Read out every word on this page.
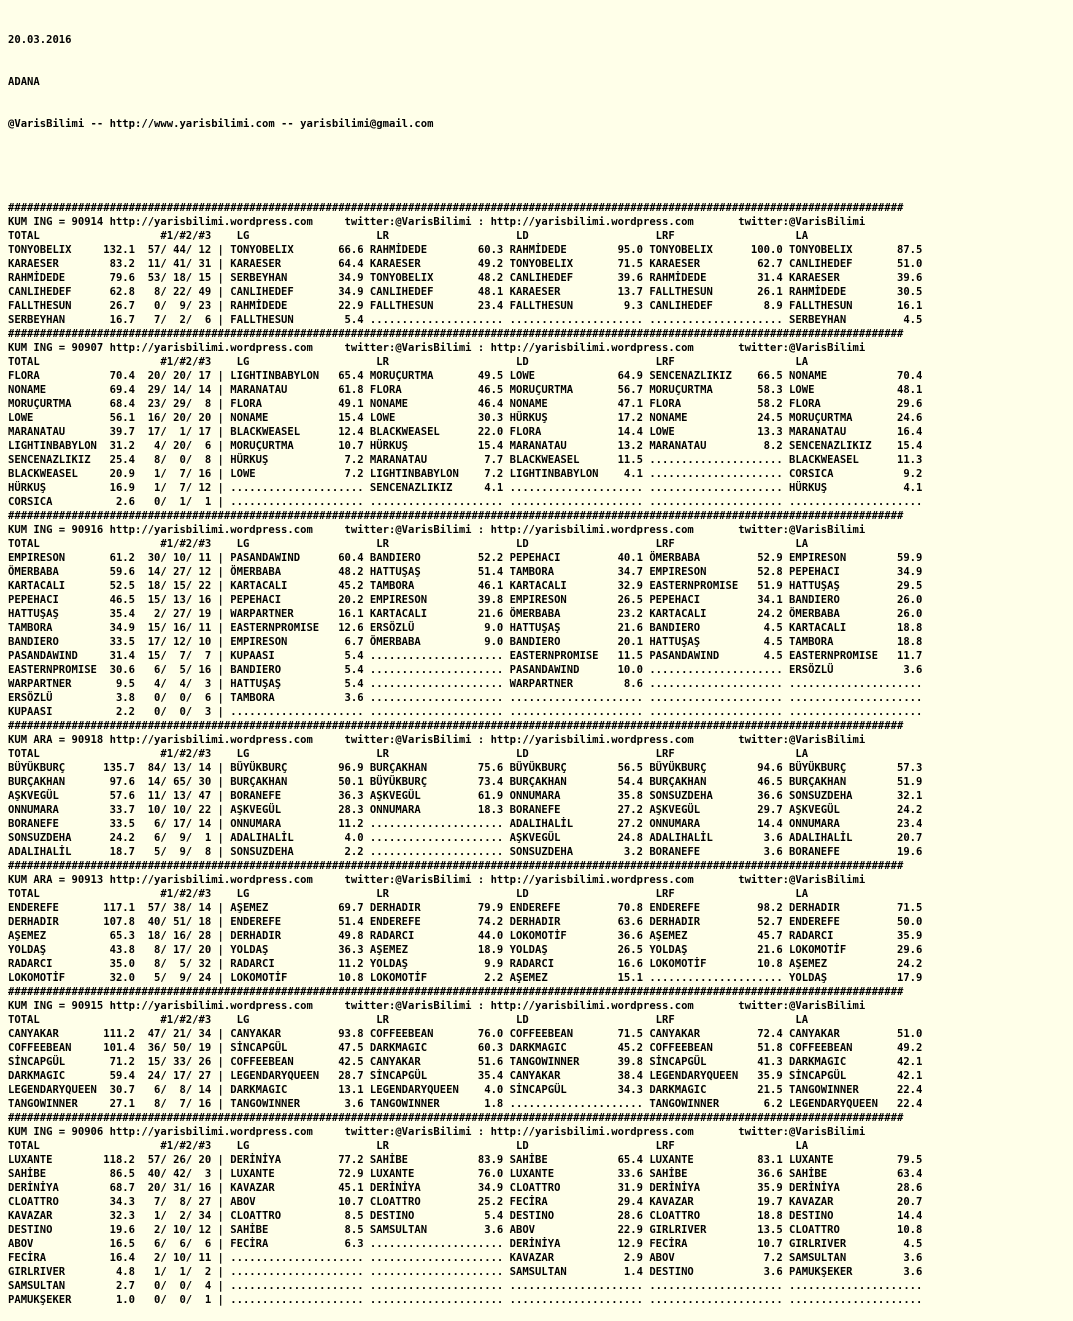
20.03.2016

ADANA

@VarisBilimi -- http://www.yarisbilimi.com -- yarisbilimi@gmail.com

#############################################################################################################################################
KUM ING = 90914 http://yarisbilimi.wordpress.com     twitter:@VarisBilimi : http://yarisbilimi.wordpress.com       twitter:@VarisBilimi
TOTAL                   #1/#2/#3    LG                    LR                    LD                    LRF                   LA
TONYOBELIX     132.1  57/ 44/ 12 | TONYOBELIX       66.6 RAHMİDEDE        60.3 RAHMİDEDE        95.0 TONYOBELIX      100.0 TONYOBELIX       87.5
KARAESER        83.2  11/ 41/ 31 | KARAESER         64.4 KARAESER         49.2 TONYOBELIX       71.5 KARAESER         62.7 CANLIHEDEF       51.0
RAHMİDEDE       79.6  53/ 18/ 15 | SERBEYHAN        34.9 TONYOBELIX       48.2 CANLIHEDEF       39.6 RAHMİDEDE        31.4 KARAESER         39.6
CANLIHEDEF      62.8   8/ 22/ 49 | CANLIHEDEF       34.9 CANLIHEDEF       48.1 KARAESER         13.7 FALLTHESUN       26.1 RAHMİDEDE        30.5
FALLTHESUN      26.7   0/  9/ 23 | RAHMİDEDE        22.9 FALLTHESUN       23.4 FALLTHESUN        9.3 CANLIHEDEF        8.9 FALLTHESUN       16.1
SERBEYHAN       16.7   7/  2/  6 | FALLTHESUN        5.4 ..................... ..................... ..................... SERBEYHAN         4.5
#############################################################################################################################################
KUM ING = 90907 http://yarisbilimi.wordpress.com     twitter:@VarisBilimi : http://yarisbilimi.wordpress.com       twitter:@VarisBilimi
TOTAL                   #1/#2/#3    LG                    LR                    LD                    LRF                   LA
FLORA           70.4  20/ 20/ 17 | LIGHTINBABYLON   65.4 MORUÇURTMA       49.5 LOWE             64.9 SENCENAZLIKIZ    66.5 NONAME           70.4
NONAME          69.4  29/ 14/ 14 | MARANATAU        61.8 FLORA            46.5 MORUÇURTMA       56.7 MORUÇURTMA       58.3 LOWE             48.1
MORUÇURTMA      68.4  23/ 29/  8 | FLORA            49.1 NONAME           46.4 NONAME           47.1 FLORA            58.2 FLORA            29.6
LOWE            56.1  16/ 20/ 20 | NONAME           15.4 LOWE             30.3 HÜRKUŞ           17.2 NONAME           24.5 MORUÇURTMA       24.6
MARANATAU       39.7  17/  1/ 17 | BLACKWEASEL      12.4 BLACKWEASEL      22.0 FLORA            14.4 LOWE             13.3 MARANATAU        16.4
LIGHTINBABYLON  31.2   4/ 20/  6 | MORUÇURTMA       10.7 HÜRKUŞ           15.4 MARANATAU        13.2 MARANATAU         8.2 SENCENAZLIKIZ    15.4
SENCENAZLIKIZ   25.4   8/  0/  8 | HÜRKUŞ            7.2 MARANATAU         7.7 BLACKWEASEL      11.5 ..................... BLACKWEASEL      11.3
BLACKWEASEL     20.9   1/  7/ 16 | LOWE              7.2 LIGHTINBABYLON    7.2 LIGHTINBABYLON    4.1 ..................... CORSICA           9.2
HÜRKUŞ          16.9   1/  7/ 12 | ..................... SENCENAZLIKIZ     4.1 ..................... ..................... HÜRKUŞ            4.1
CORSICA          2.6   0/  1/  1 | ..................... ..................... ..................... ..................... .....................
#############################################################################################################################################
KUM ING = 90916 http://yarisbilimi.wordpress.com     twitter:@VarisBilimi : http://yarisbilimi.wordpress.com       twitter:@VarisBilimi
TOTAL                   #1/#2/#3    LG                    LR                    LD                    LRF                   LA
EMPIRESON       61.2  30/ 10/ 11 | PASANDAWIND      60.4 BANDIERO         52.2 PEPEHACI         40.1 ÖMERBABA         52.9 EMPIRESON        59.9
ÖMERBABA        59.6  14/ 27/ 12 | ÖMERBABA         48.2 HATTUŞAŞ         51.4 TAMBORA          34.7 EMPIRESON        52.8 PEPEHACI         34.9
KARTACALI       52.5  18/ 15/ 22 | KARTACALI        45.2 TAMBORA          46.1 KARTACALI        32.9 EASTERNPROMISE   51.9 HATTUŞAŞ         29.5
PEPEHACI        46.5  15/ 13/ 16 | PEPEHACI         20.2 EMPIRESON        39.8 EMPIRESON        26.5 PEPEHACI         34.1 BANDIERO         26.0
HATTUŞAŞ        35.4   2/ 27/ 19 | WARPARTNER       16.1 KARTACALI        21.6 ÖMERBABA         23.2 KARTACALI        24.2 ÖMERBABA         26.0
TAMBORA         34.9  15/ 16/ 11 | EASTERNPROMISE   12.6 ERSÖZLÜ           9.0 HATTUŞAŞ         21.6 BANDIERO          4.5 KARTACALI        18.8
BANDIERO        33.5  17/ 12/ 10 | EMPIRESON         6.7 ÖMERBABA          9.0 BANDIERO         20.1 HATTUŞAŞ          4.5 TAMBORA          18.8
PASANDAWIND     31.4  15/  7/  7 | KUPAASI           5.4 ..................... EASTERNPROMISE   11.5 PASANDAWIND       4.5 EASTERNPROMISE   11.7
EASTERNPROMISE  30.6   6/  5/ 16 | BANDIERO          5.4 ..................... PASANDAWIND      10.0 ..................... ERSÖZLÜ           3.6
WARPARTNER       9.5   4/  4/  3 | HATTUŞAŞ          5.4 ..................... WARPARTNER        8.6 ..................... .....................
ERSÖZLÜ          3.8   0/  0/  6 | TAMBORA           3.6 ..................... ..................... ..................... .....................
KUPAASI          2.2   0/  0/  3 | ..................... ..................... ..................... ..................... .....................
#############################################################################################################################################
KUM ARA = 90918 http://yarisbilimi.wordpress.com     twitter:@VarisBilimi : http://yarisbilimi.wordpress.com       twitter:@VarisBilimi
TOTAL                   #1/#2/#3    LG                    LR                    LD                    LRF                   LA
BÜYÜKBURÇ      135.7  84/ 13/ 14 | BÜYÜKBURÇ        96.9 BURÇAKHAN        75.6 BÜYÜKBURÇ        56.5 BÜYÜKBURÇ        94.6 BÜYÜKBURÇ        57.3
BURÇAKHAN       97.6  14/ 65/ 30 | BURÇAKHAN        50.1 BÜYÜKBURÇ        73.4 BURÇAKHAN        54.4 BURÇAKHAN        46.5 BURÇAKHAN        51.9
AŞKVEGÜL        57.6  11/ 13/ 47 | BORANEFE         36.3 AŞKVEGÜL         61.9 ONNUMARA         35.8 SONSUZDEHA       36.6 SONSUZDEHA       32.1
ONNUMARA        33.7  10/ 10/ 22 | AŞKVEGÜL         28.3 ONNUMARA         18.3 BORANEFE         27.2 AŞKVEGÜL         29.7 AŞKVEGÜL         24.2
BORANEFE        33.5   6/ 17/ 14 | ONNUMARA         11.2 ..................... ADALIHALİL       27.2 ONNUMARA         14.4 ONNUMARA         23.4
SONSUZDEHA      24.2   6/  9/  1 | ADALIHALİL        4.0 ..................... AŞKVEGÜL         24.8 ADALIHALİL        3.6 ADALIHALİL       20.7
ADALIHALİL      18.7   5/  9/  8 | SONSUZDEHA        2.2 ..................... SONSUZDEHA        3.2 BORANEFE          3.6 BORANEFE         19.6
#############################################################################################################################################
KUM ARA = 90913 http://yarisbilimi.wordpress.com     twitter:@VarisBilimi : http://yarisbilimi.wordpress.com       twitter:@VarisBilimi
TOTAL                   #1/#2/#3    LG                    LR                    LD                    LRF                   LA
ENDEREFE       117.1  57/ 38/ 14 | AŞEMEZ           69.7 DERHADIR         79.9 ENDEREFE         70.8 ENDEREFE         98.2 DERHADIR         71.5
DERHADIR       107.8  40/ 51/ 18 | ENDEREFE         51.4 ENDEREFE         74.2 DERHADIR         63.6 DERHADIR         52.7 ENDEREFE         50.0
AŞEMEZ          65.3  18/ 16/ 28 | DERHADIR         49.8 RADARCI          44.0 LOKOMOTİF        36.6 AŞEMEZ           45.7 RADARCI          35.9
YOLDAŞ          43.8   8/ 17/ 20 | YOLDAŞ           36.3 AŞEMEZ           18.9 YOLDAŞ           26.5 YOLDAŞ           21.6 LOKOMOTİF        29.6
RADARCI         35.0   8/  5/ 32 | RADARCI          11.2 YOLDAŞ            9.9 RADARCI          16.6 LOKOMOTİF        10.8 AŞEMEZ           24.2
LOKOMOTİF       32.0   5/  9/ 24 | LOKOMOTİF        10.8 LOKOMOTİF         2.2 AŞEMEZ           15.1 ..................... YOLDAŞ           17.9
#############################################################################################################################################
KUM ING = 90915 http://yarisbilimi.wordpress.com     twitter:@VarisBilimi : http://yarisbilimi.wordpress.com       twitter:@VarisBilimi
TOTAL                   #1/#2/#3    LG                    LR                    LD                    LRF                   LA
CANYAKAR       111.2  47/ 21/ 34 | CANYAKAR         93.8 COFFEEBEAN       76.0 COFFEEBEAN       71.5 CANYAKAR         72.4 CANYAKAR         51.0
COFFEEBEAN     101.4  36/ 50/ 19 | SİNCAPGÜL        47.5 DARKMAGIC        60.3 DARKMAGIC        45.2 COFFEEBEAN       51.8 COFFEEBEAN       49.2
SİNCAPGÜL       71.2  15/ 33/ 26 | COFFEEBEAN       42.5 CANYAKAR         51.6 TANGOWINNER      39.8 SİNCAPGÜL        41.3 DARKMAGIC        42.1
DARKMAGIC       59.4  24/ 17/ 27 | LEGENDARYQUEEN   28.7 SİNCAPGÜL        35.4 CANYAKAR         38.4 LEGENDARYQUEEN   35.9 SİNCAPGÜL        42.1
LEGENDARYQUEEN  30.7   6/  8/ 14 | DARKMAGIC        13.1 LEGENDARYQUEEN    4.0 SİNCAPGÜL        34.3 DARKMAGIC        21.5 TANGOWINNER      22.4
TANGOWINNER     27.1   8/  7/ 16 | TANGOWINNER       3.6 TANGOWINNER       1.8 ..................... TANGOWINNER       6.2 LEGENDARYQUEEN   22.4
#############################################################################################################################################
KUM ING = 90906 http://yarisbilimi.wordpress.com     twitter:@VarisBilimi : http://yarisbilimi.wordpress.com       twitter:@VarisBilimi
TOTAL                   #1/#2/#3    LG                    LR                    LD                    LRF                   LA
LUXANTE        118.2  57/ 26/ 20 | DERİNİYA         77.2 SAHİBE           83.9 SAHİBE           65.4 LUXANTE          83.1 LUXANTE          79.5
SAHİBE          86.5  40/ 42/  3 | LUXANTE          72.9 LUXANTE          76.0 LUXANTE          33.6 SAHİBE           36.6 SAHİBE           63.4
DERİNİYA        68.7  20/ 31/ 16 | KAVAZAR          45.1 DERİNİYA         34.9 CLOATTRO         31.9 DERİNİYA         35.9 DERİNİYA         28.6
CLOATTRO        34.3   7/  8/ 27 | ABOV             10.7 CLOATTRO         25.2 FECİRA           29.4 KAVAZAR          19.7 KAVAZAR          20.7
KAVAZAR         32.3   1/  2/ 34 | CLOATTRO          8.5 DESTINO           5.4 DESTINO          28.6 CLOATTRO         18.8 DESTINO          14.4
DESTINO         19.6   2/ 10/ 12 | SAHİBE            8.5 SAMSULTAN         3.6 ABOV             22.9 GIRLRIVER        13.5 CLOATTRO         10.8
ABOV            16.5   6/  6/  6 | FECİRA            6.3 ..................... DERİNİYA         12.9 FECİRA           10.7 GIRLRIVER         4.5
FECİRA          16.4   2/ 10/ 11 | ..................... ..................... KAVAZAR           2.9 ABOV              7.2 SAMSULTAN         3.6
GIRLRIVER        4.8   1/  1/  2 | ..................... ..................... SAMSULTAN         1.4 DESTINO           3.6 PAMUKŞEKER        3.6
SAMSULTAN        2.7   0/  0/  4 | ..................... ..................... ..................... ..................... .....................
PAMUKŞEKER       1.0   0/  0/  1 | ..................... ..................... ..................... ..................... .....................
